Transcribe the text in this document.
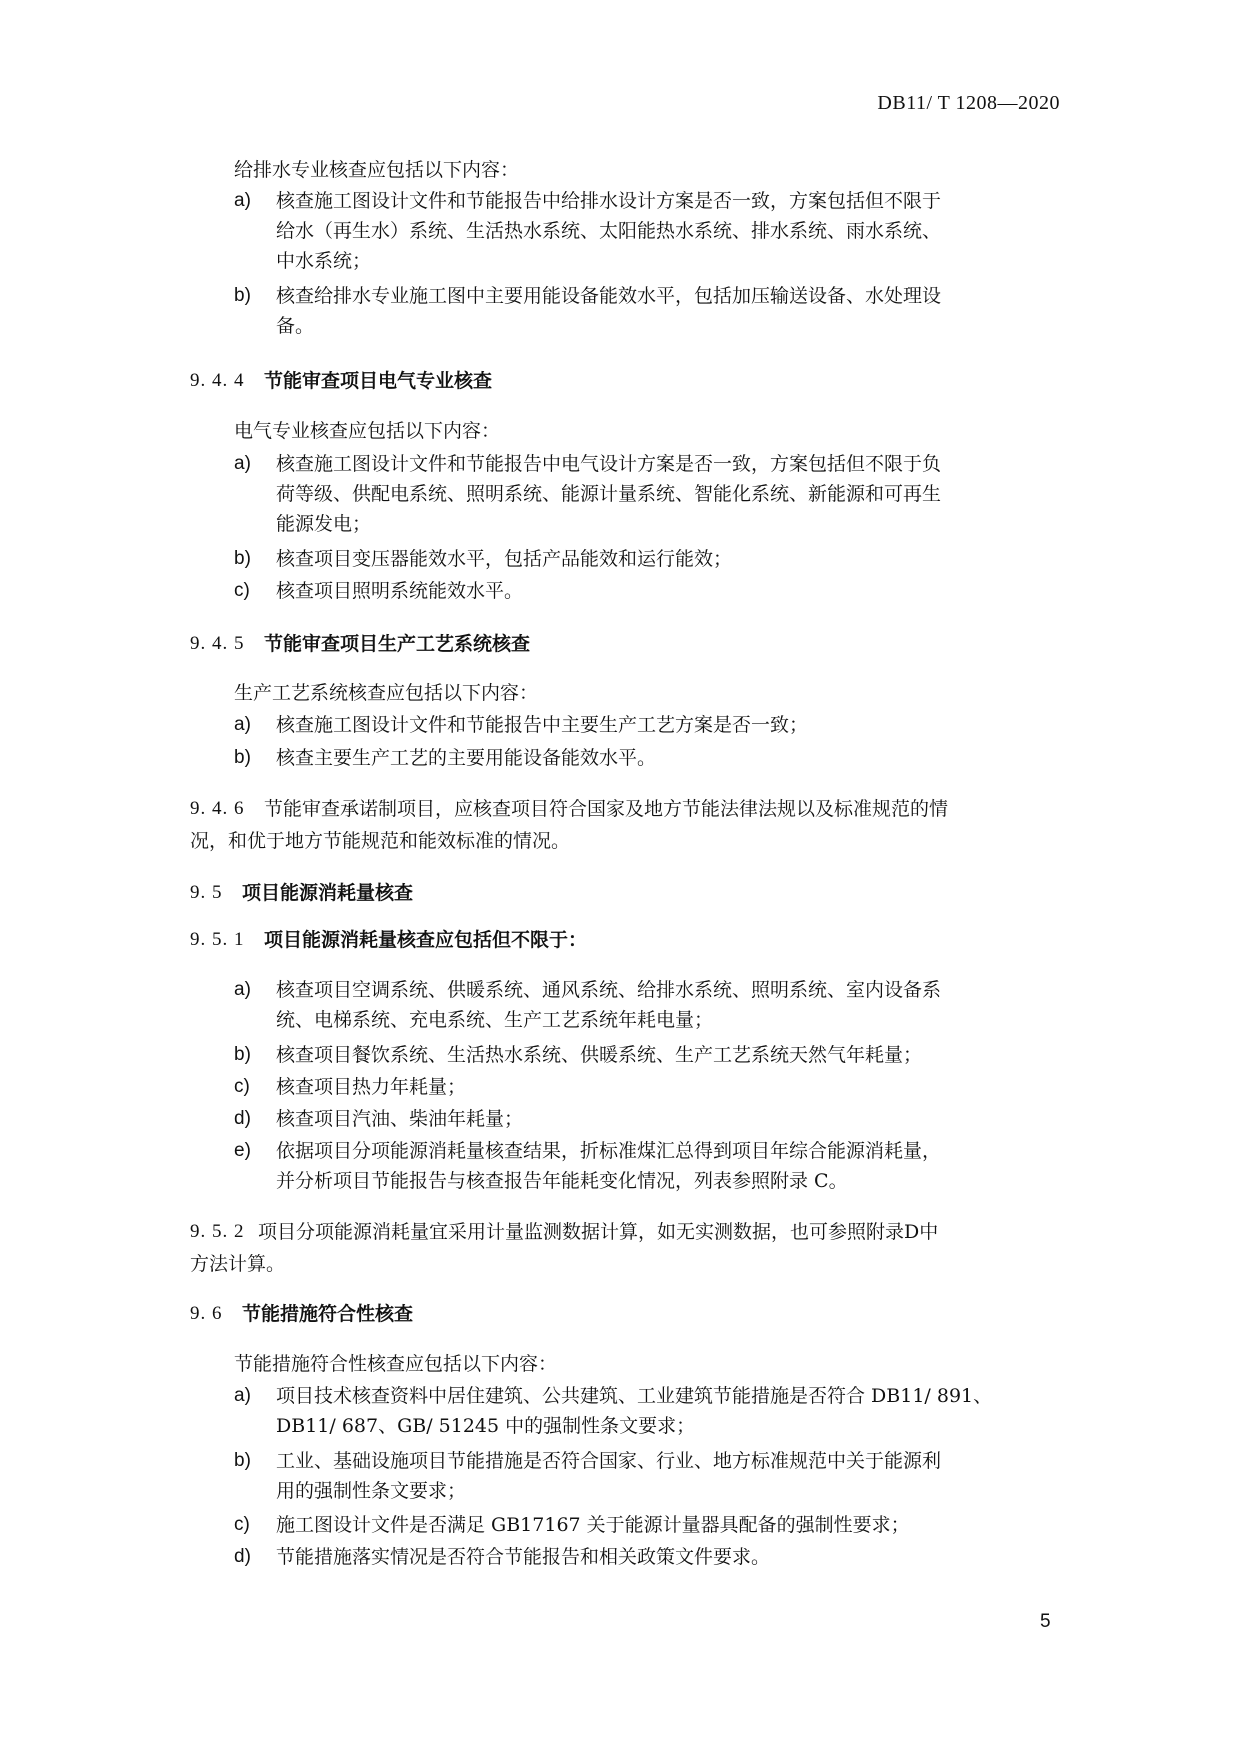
DB11/ T 1208—2020
给排水专业核查应包括以下内容：
a) 核查施工图设计文件和节能报告中给排水设计方案是否一致，方案包括但不限于
给水（再生水）系统、生活热水系统、太阳能热水系统、排水系统、雨水系统、
中水系统；
b) 核查给排水专业施工图中主要用能设备能效水平，包括加压输送设备、水处理设
备。
9. 4. 4 节能审查项目电气专业核查
电气专业核查应包括以下内容：
a) 核查施工图设计文件和节能报告中电气设计方案是否一致，方案包括但不限于负
荷等级、供配电系统、照明系统、能源计量系统、智能化系统、新能源和可再生
能源发电；
b) 核查项目变压器能效水平，包括产品能效和运行能效；
c) 核查项目照明系统能效水平。
9. 4. 5 节能审查项目生产工艺系统核查
生产工艺系统核查应包括以下内容：
a) 核查施工图设计文件和节能报告中主要生产工艺方案是否一致；
b) 核查主要生产工艺的主要用能设备能效水平。
9. 4. 6 节能审查承诺制项目，应核查项目符合国家及地方节能法律法规以及标准规范的情
况，和优于地方节能规范和能效标准的情况。
9. 5 项目能源消耗量核查
9. 5. 1 项目能源消耗量核查应包括但不限于：
a) 核查项目空调系统、供暖系统、通风系统、给排水系统、照明系统、室内设备系
统、电梯系统、充电系统、生产工艺系统年耗电量；
b) 核查项目餐饮系统、生活热水系统、供暖系统、生产工艺系统天然气年耗量；
c) 核查项目热力年耗量；
d) 核查项目汽油、柴油年耗量；
e) 依据项目分项能源消耗量核查结果，折标准煤汇总得到项目年综合能源消耗量，
并分析项目节能报告与核查报告年能耗变化情况，列表参照附录 C。
9. 5. 2 项目分项能源消耗量宜采用计量监测数据计算，如无实测数据，也可参照附录D中
方法计算。
9. 6 节能措施符合性核查
节能措施符合性核查应包括以下内容：
a) 项目技术核查资料中居住建筑、公共建筑、工业建筑节能措施是否符合 DB11/ 891、
DB11/ 687、GB/ 51245 中的强制性条文要求；
b) 工业、基础设施项目节能措施是否符合国家、行业、地方标准规范中关于能源利
用的强制性条文要求；
c) 施工图设计文件是否满足 GB17167 关于能源计量器具配备的强制性要求；
d) 节能措施落实情况是否符合节能报告和相关政策文件要求。
5
